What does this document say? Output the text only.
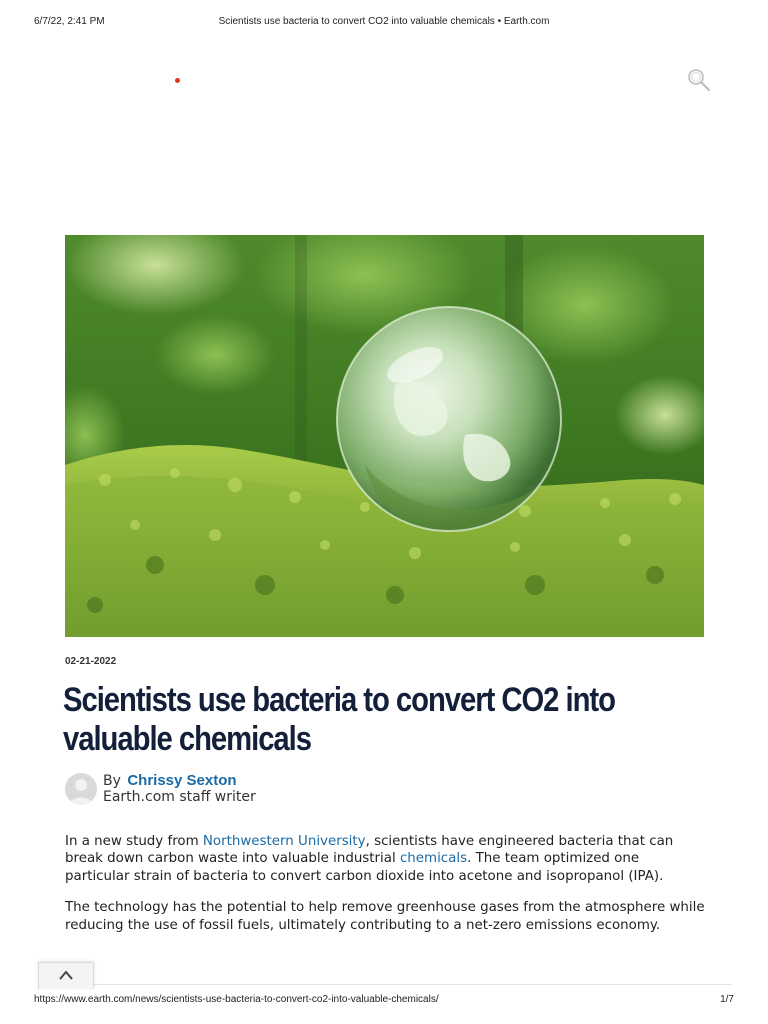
6/7/22, 2:41 PM	Scientists use bacteria to convert CO2 into valuable chemicals • Earth.com
02-21-2022
Scientists use bacteria to convert CO2 into valuable chemicals
By Chrissy Sexton
Earth.com staff writer

In a new study from Northwestern University, scientists have engineered bacteria that can break down carbon waste into valuable industrial chemicals. The team optimized one particular strain of bacteria to convert carbon dioxide into acetone and isopropanol (IPA).

The technology has the potential to help remove greenhouse gases from the atmosphere while reducing the use of fossil fuels, ultimately contributing to a net-zero emissions economy.

https://www.earth.com/news/scientists-use-bacteria-to-convert-co2-into-valuable-chemicals/	1/7
